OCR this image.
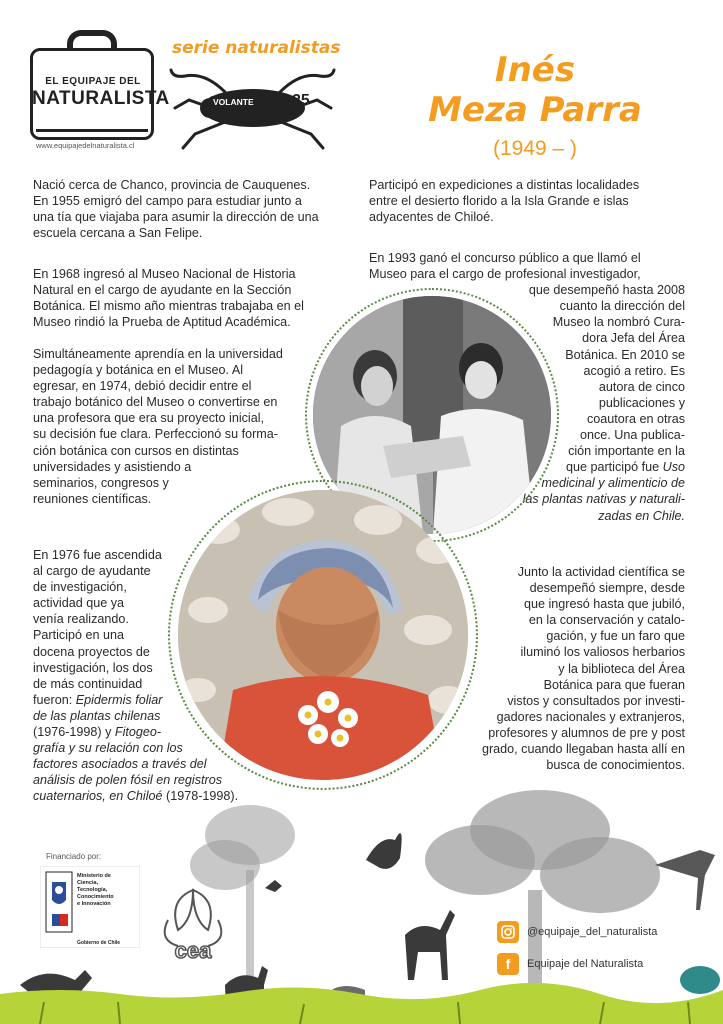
EL EQUIPAJE DEL
NATURALISTA
www.equipajedelnaturalista.cl
serie naturalistas
VOLANTE n° 25
Inés
Meza Parra
(1949 – )
Nació cerca de Chanco, provincia de Cauquenes.
En 1955 emigró del campo para estudiar junto a
una tía que viajaba para asumir la dirección de una
escuela cercana a San Felipe.
En 1968 ingresó al Museo Nacional de Historia
Natural en el cargo de ayudante en la Sección
Botánica. El mismo año mientras trabajaba en el
Museo rindió la Prueba de Aptitud Académica.
Simultáneamente aprendía en la universidad
pedagogía y botánica en el Museo. Al
egresar, en 1974, debió decidir entre el
trabajo botánico del Museo o convertirse en
una profesora que era su proyecto inicial,
su decisión fue clara. Perfeccionó su forma-
ción botánica con cursos en distintas
universidades y asistiendo a
seminarios, congresos y
reuniones científicas.
En 1976 fue ascendida
al cargo de ayudante
de investigación,
actividad que ya
venía realizando.
Participó en una
docena proyectos de
investigación, los dos
de más continuidad
fueron: Epidermis foliar
de las plantas chilenas
(1976-1998) y Fitogeo-
grafía y su relación con los
factores asociados a través del
análisis de polen fósil en registros
cuaternarios, en Chiloé (1978-1998).
Participó en expediciones a distintas localidades
entre el desierto florido a la Isla Grande e islas
adyacentes de Chiloé.
En 1993 ganó el concurso público a que llamó el
Museo para el cargo de profesional investigador,
que desempeñó hasta 2008
cuanto la dirección del
Museo la nombró Cura-
dora Jefa del Área
Botánica. En 2010 se
acogió a retiro. Es
autora de cinco
publicaciones y
coautora en otras
once. Una publica-
ción importante en la
que participó fue Uso
medicinal y alimenticio de
las plantas nativas y naturali-
zadas en Chile.
Junto la actividad científica se
desempeñó siempre, desde
que ingresó hasta que jubiló,
en la conservación y catalo-
gación, y fue un faro que
iluminó los valiosos herbarios
y la biblioteca del Área
Botánica para que fueran
vistos y consultados por investi-
gadores nacionales y extranjeros,
profesores y alumnos de pre y post
grado, cuando llegaban hasta allí en
busca de conocimientos.
Financiado por:
Ministerio de
Ciencia,
Tecnología,
Conocimiento
e Innovación
Gobierno de Chile	cea
@equipaje_del_naturalista
f	Equipaje del Naturalista
